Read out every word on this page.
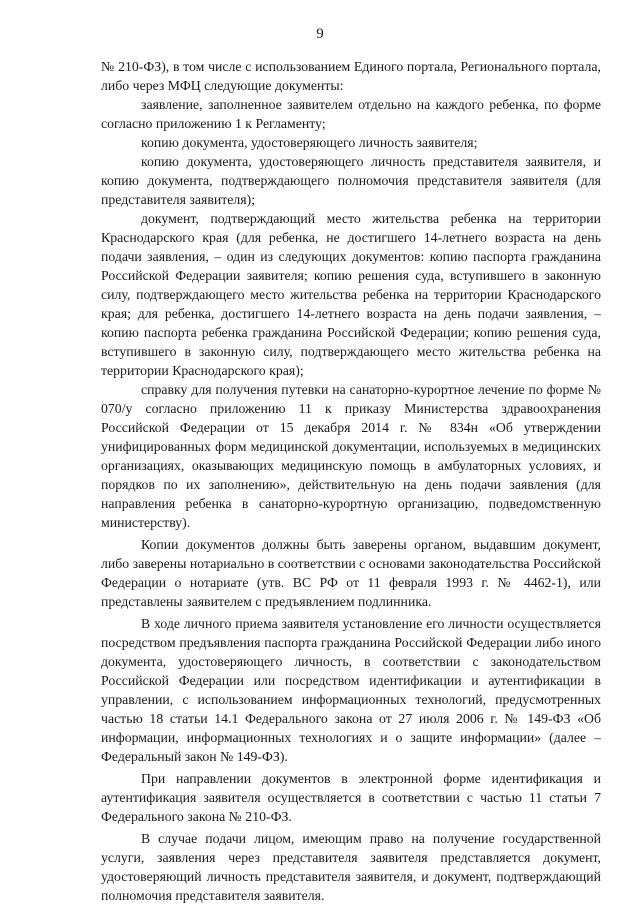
9

№ 210-ФЗ), в том числе с использованием Единого портала, Регионального портала, либо через МФЦ следующие документы:

заявление, заполненное заявителем отдельно на каждого ребенка, по форме согласно приложению 1 к Регламенту;

копию документа, удостоверяющего личность заявителя;

копию документа, удостоверяющего личность представителя заявителя, и копию документа, подтверждающего полномочия представителя заявителя (для представителя заявителя);

документ, подтверждающий место жительства ребенка на территории Краснодарского края (для ребенка, не достигшего 14-летнего возраста на день подачи заявления, – один из следующих документов: копию паспорта гражданина Российской Федерации заявителя; копию решения суда, вступившего в законную силу, подтверждающего место жительства ребенка на территории Краснодарского края; для ребенка, достигшего 14-летнего возраста на день подачи заявления, – копию паспорта ребенка гражданина Российской Федерации; копию решения суда, вступившего в законную силу, подтверждающего место жительства ребенка на территории Краснодарского края);

справку для получения путевки на санаторно-курортное лечение по форме № 070/у согласно приложению 11 к приказу Министерства здравоохранения Российской Федерации от 15 декабря 2014 г. № 834н «Об утверждении унифицированных форм медицинской документации, используемых в медицинских организациях, оказывающих медицинскую помощь в амбулаторных условиях, и порядков по их заполнению», действительную на день подачи заявления (для направления ребенка в санаторно-курортную организацию, подведомственную министерству).

Копии документов должны быть заверены органом, выдавшим документ, либо заверены нотариально в соответствии с основами законодательства Российской Федерации о нотариате (утв. ВС РФ от 11 февраля 1993 г. № 4462-1), или представлены заявителем с предъявлением подлинника.

В ходе личного приема заявителя установление его личности осуществляется посредством предъявления паспорта гражданина Российской Федерации либо иного документа, удостоверяющего личность, в соответствии с законодательством Российской Федерации или посредством идентификации и аутентификации в управлении, с использованием информационных технологий, предусмотренных частью 18 статьи 14.1 Федерального закона от 27 июля 2006 г. № 149-ФЗ «Об информации, информационных технологиях и о защите информации» (далее – Федеральный закон № 149-ФЗ).

При направлении документов в электронной форме идентификация и аутентификация заявителя осуществляется в соответствии с частью 11 статьи 7 Федерального закона № 210-ФЗ.

В случае подачи лицом, имеющим право на получение государственной услуги, заявления через представителя заявителя представляется документ, удостоверяющий личность представителя заявителя, и документ, подтверждающий полномочия представителя заявителя.
